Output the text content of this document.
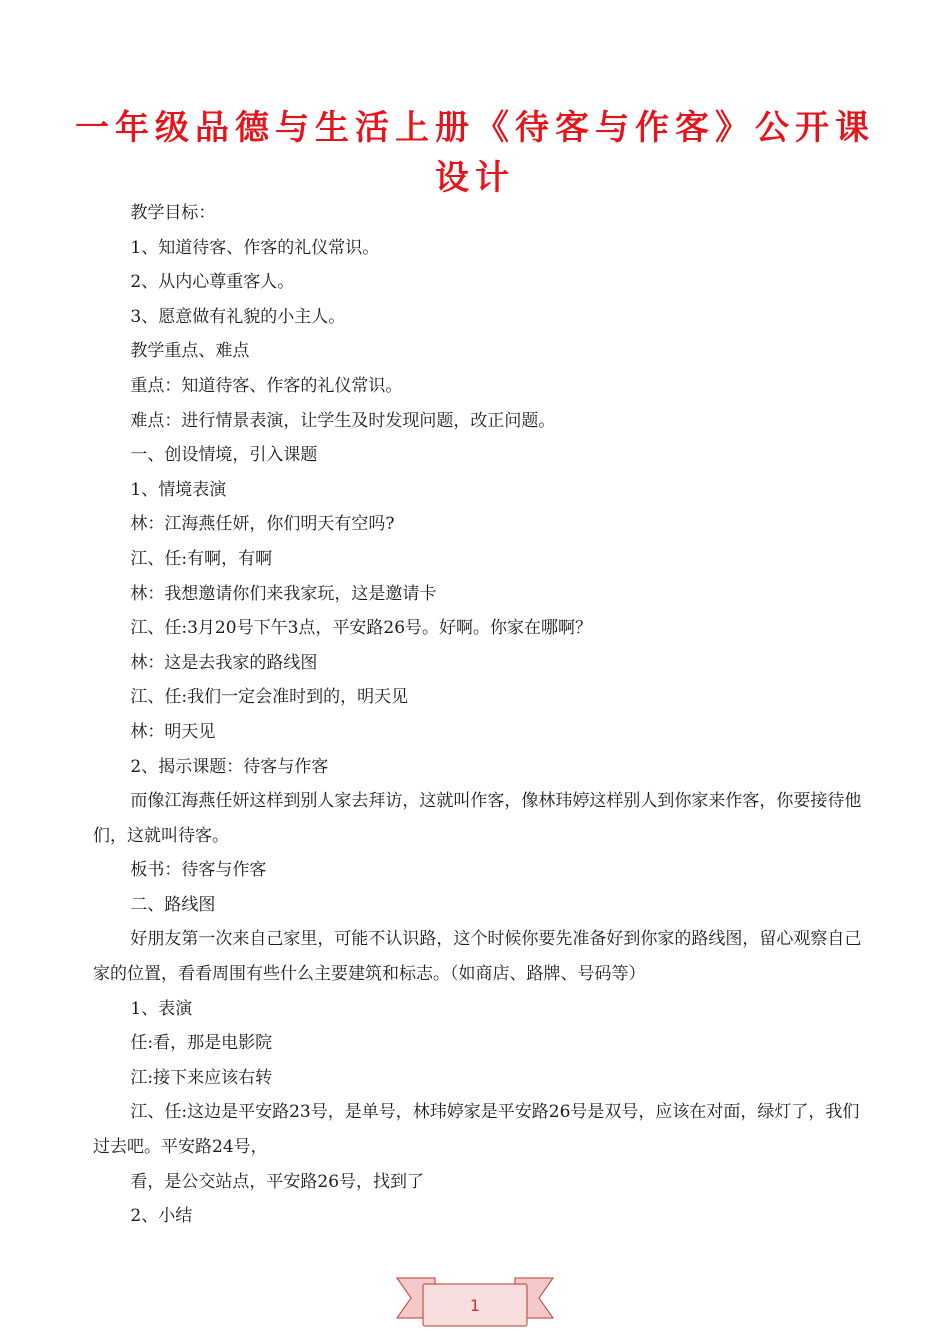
一年级品德与生活上册《待客与作客》公开课设计

教学目标：

1、知道待客、作客的礼仪常识。

2、从内心尊重客人。

3、愿意做有礼貌的小主人。

教学重点、难点

重点：知道待客、作客的礼仪常识。

难点：进行情景表演，让学生及时发现问题，改正问题。

一、创设情境，引入课题

1、情境表演

林：江海燕任妍，你们明天有空吗?

江、任:有啊，有啊

林：我想邀请你们来我家玩，这是邀请卡

江、任:3月20号下午3点，平安路26号。好啊。你家在哪啊？

林：这是去我家的路线图

江、任:我们一定会准时到的，明天见

林：明天见

2、揭示课题：待客与作客

而像江海燕任妍这样到别人家去拜访，这就叫作客，像林玮婷这样别人到你家来作客，你要接待他们，这就叫待客。

板书：待客与作客

二、路线图

好朋友第一次来自己家里，可能不认识路，这个时候你要先准备好到你家的路线图，留心观察自己家的位置，看看周围有些什么主要建筑和标志。（如商店、路牌、号码等）

1、表演

任:看，那是电影院

江:接下来应该右转

江、任:这边是平安路23号，是单号，林玮婷家是平安路26号是双号，应该在对面，绿灯了，我们过去吧。平安路24号，

看，是公交站点，平安路26号，找到了

2、小结

1
